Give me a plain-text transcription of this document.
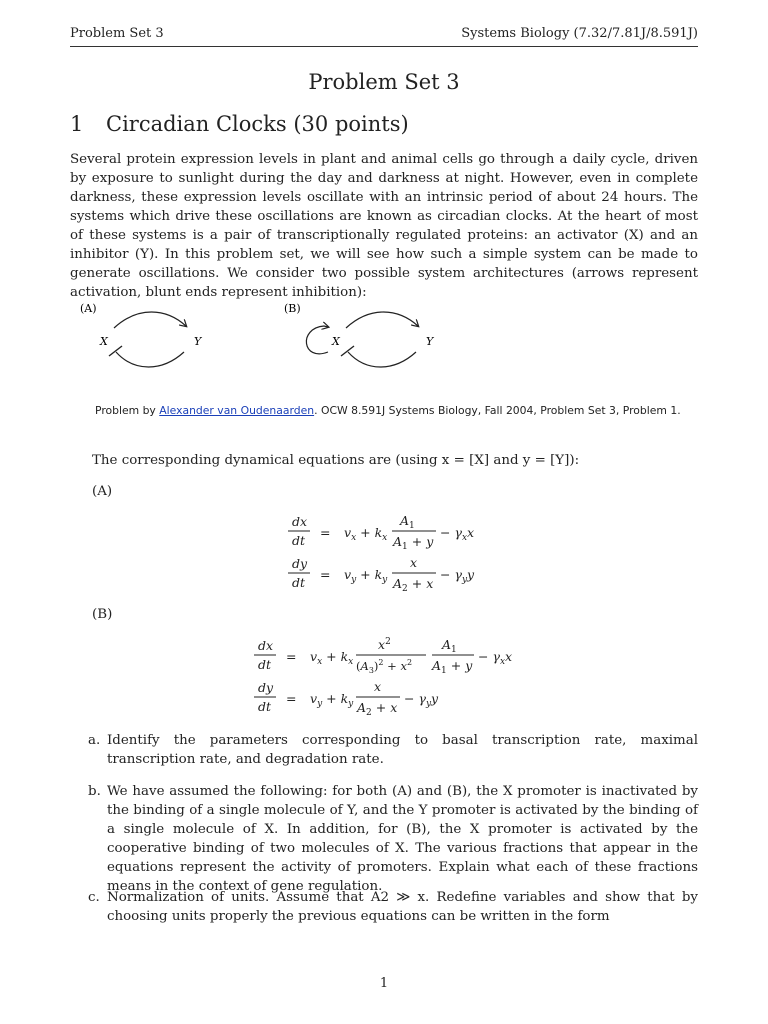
Problem Set 3	Systems Biology (7.32/7.81J/8.591J)
Problem Set 3
1 Circadian Clocks (30 points)
Several protein expression levels in plant and animal cells go through a daily cycle, driven by exposure to sunlight during the day and darkness at night. However, even in complete darkness, these expression levels oscillate with an intrinsic period of about 24 hours. The systems which drive these oscillations are known as circadian clocks. At the heart of most of these systems is a pair of transcriptionally regulated proteins: an activator (X) and an inhibitor (Y). In this problem set, we will see how such a simple system can be made to generate oscillations. We consider two possible system architectures (arrows represent activation, blunt ends represent inhibition):
(A)
X	Y
(B)
X	Y
Problem by Alexander van Oudenaarden. OCW 8.591J Systems Biology, Fall 2004, Problem Set 3, Problem 1.
The corresponding dynamical equations are (using x = [X] and y = [Y]):
(A)
dx
dt
= $v_x + k_x$
$A_1$
$A_1 + y$
− $\gamma_xx$
dy
dt
= $v_y + k_y$
x
$A_2 + x$
− $\gamma_yy$
(B)
dx
dt
= $v_x + k_x$
$x^2$
$(A_3)^2 + x^2$
$A_1$
$A_1 + y$
− $\gamma_xx$
dy
dt
= $v_y + k_y$
x
$A_2 + x$
− $\gamma_yy$
a. Identify the parameters corresponding to basal transcription rate, maximal transcription rate, and degradation rate.
b. We have assumed the following: for both (A) and (B), the X promoter is inactivated by the binding of a single molecule of Y, and the Y promoter is activated by the binding of a single molecule of X. In addition, for (B), the X promoter is activated by the cooperative binding of two molecules of X. The various fractions that appear in the equations represent the activity of promoters. Explain what each of these fractions means in the context of gene regulation.
c. Normalization of units. Assume that A2 ≫ x. Redefine variables and show that by choosing units properly the previous equations can be written in the form
1
